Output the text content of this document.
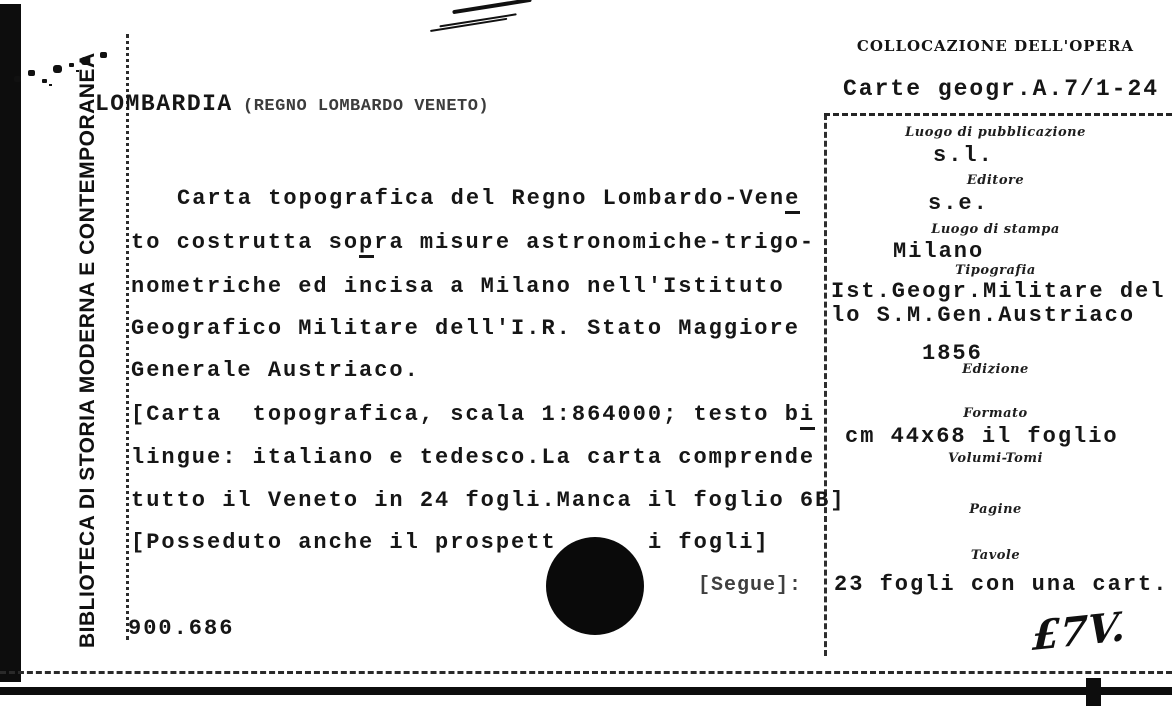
BIBLIOTECA DI STORIA MODERNA E CONTEMPORANEA
LOMBARDIA (REGNO LOMBARDO VENETO)
Carta topografica del Regno Lombardo-Vene
to costrutta sopra misure astronomiche-trigo-
nometriche ed incisa a Milano nell'Istituto
Geografico Militare dell'I.R. Stato Maggiore
Generale Austriaco.
[Carta  topografica, scala 1:864000; testo bi
lingue: italiano e tedesco.La carta comprende
tutto il Veneto in 24 fogli.Manca il foglio 6B]
[Posseduto anche il prospett	i fogli]
[Segue]:
900.686
COLLOCAZIONE DELL'OPERA
Carte geogr.A.7/1-24
Luogo di pubblicazione
s.l.
Editore
s.e.
Luogo di stampa
Milano
Tipografia
Ist.Geogr.Militare del
lo S.M.Gen.Austriaco
1856
Edizione
Formato
cm 44x68 il foglio
Volumi-Tomi
Pagine
Tavole
23 fogli con una cart.
£7V.
